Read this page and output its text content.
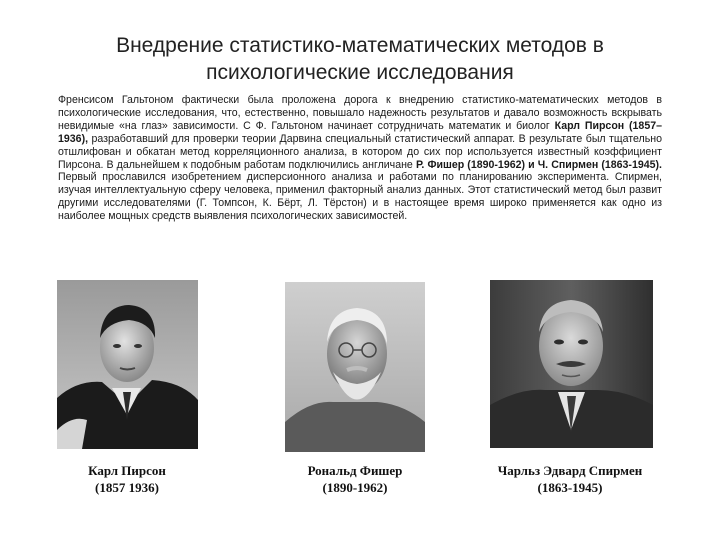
Внедрение статистико-математических методов в
психологические исследования
Френсисом Гальтоном фактически была проложена дорога к внедрению статистико-математических методов в психологические исследования, что, естественно, повышало надежность результатов и давало возможность вскрывать невидимые «на глаз» зависимости. С Ф. Гальтоном начинает сотрудничать математик и биолог Карл Пирсон (1857–1936), разработавший для проверки теории Дарвина специальный статистический аппарат. В результате был тщательно отшлифован и обкатан метод корреляционного анализа, в котором до сих пор используется известный коэффициент Пирсона. В дальнейшем к подобным работам подключились англичане Р. Фишер (1890-1962) и Ч. Спирмен (1863-1945). Первый прославился изобретением дисперсионного анализа и работами по планированию эксперимента. Спирмен, изучая интеллектуальную сферу человека, применил факторный анализ данных. Этот статистический метод был развит другими исследователями (Г. Томпсон, К. Бёрт, Л. Тёрстон) и в настоящее время широко применяется как одно из наиболее мощных средств выявления психологических зависимостей.
Карл Пирсон
(1857 1936)
Рональд Фишер
(1890-1962)
Чарльз Эдвард Спирмен
(1863-1945)
